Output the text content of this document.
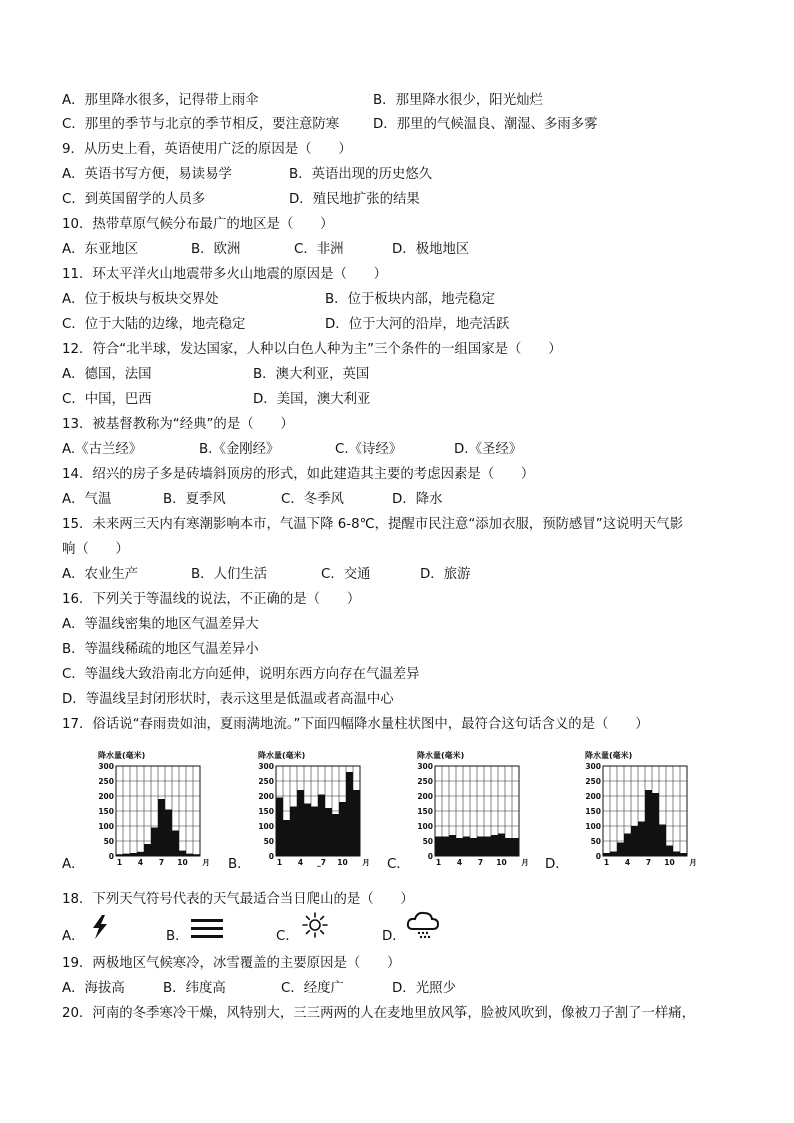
A．那里降水很多，记得带上雨伞	B．那里降水很少，阳光灿烂
C．那里的季节与北京的季节相反，要注意防寒	D．那里的气候温良、潮湿、多雨多雾
9．从历史上看，英语使用广泛的原因是（　　）
A．英语书写方便，易读易学	B．英语出现的历史悠久
C．到英国留学的人员多	D．殖民地扩张的结果
10．热带草原气候分布最广的地区是（　　）
A．东亚地区	B．欧洲	C．非洲	D．极地地区
11．环太平洋火山地震带多火山地震的原因是（　　）
A．位于板块与板块交界处	B．位于板块内部，地壳稳定
C．位于大陆的边缘，地壳稳定	D．位于大河的沿岸，地壳活跃
12．符合“北半球，发达国家，人种以白色人种为主”三个条件的一组国家是（　　）
A．德国，法国	B．澳大利亚，英国
C．中国，巴西	D．美国，澳大利亚
13．被基督教称为“经典”的是（　　）
A.《古兰经》	B.《金刚经》	C.《诗经》	D.《圣经》
14．绍兴的房子多是砖墙斜顶房的形式，如此建造其主要的考虑因素是（　　）
A．气温	B．夏季风	C．冬季风	D．降水
15．未来两三天内有寒潮影响本市，气温下降 6-8℃，提醒市民注意“添加衣服，预防感冒”这说明天气影
响（　　）
A．农业生产	B．人们生活	C．交通	D．旅游
16．下列关于等温线的说法，不正确的是（　　）
A．等温线密集的地区气温差异大
B．等温线稀疏的地区气温差异小
C．等温线大致沿南北方向延伸，说明东西方向存在气温差异
D．等温线呈封闭形状时，表示这里是低温或者高温中心
17．俗话说“春雨贵如油，夏雨满地流。”下面四幅降水量柱状图中，最符合这句话含义的是（　　）
18．下列天气符号代表的天气最适合当日爬山的是（　　）
19．两极地区气候寒冷，冰雪覆盖的主要原因是（　　）
A．海拔高	B．纬度高	C．经度广	D．光照少
20．河南的冬季寒冷干燥，风特别大，三三两两的人在麦地里放风筝，脸被风吹到，像被刀子割了一样痛，
A．
降水量(毫米)
300
250
200
150
100
50
0
1 4 7 10 月 B．
降水量(毫米)
300
250
200
150
100
50
0
1 4 _7 10 月 C．
降水量(毫米)
300
250
200
150
100
50
0
1 4 7 10 月 D．
降水量(毫米)
300
250
200
150
100
50
0
1 4 7 10 月
A．	B．	C．	D．
